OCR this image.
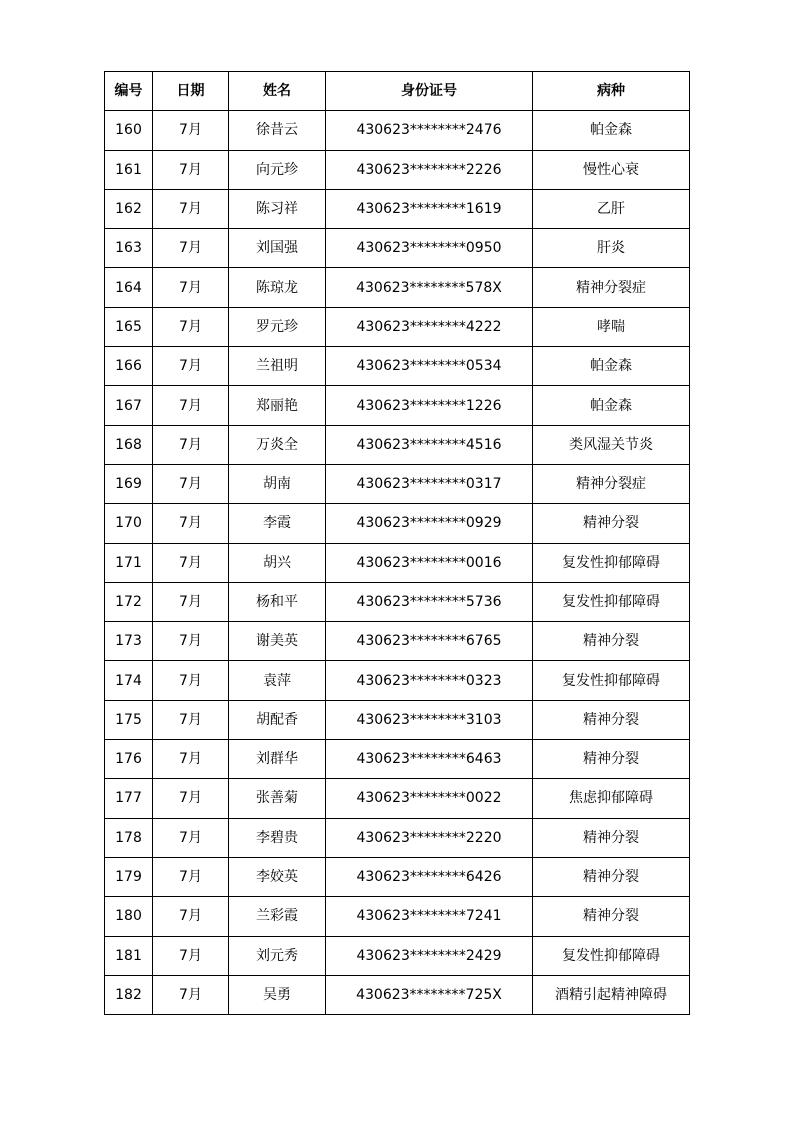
编号	日期	姓名	身份证号	病种
160	7月	徐昔云	430623********2476	帕金森
161	7月	向元珍	430623********2226	慢性心衰
162	7月	陈习祥	430623********1619	乙肝
163	7月	刘国强	430623********0950	肝炎
164	7月	陈琼龙	430623********578X	精神分裂症
165	7月	罗元珍	430623********4222	哮喘
166	7月	兰祖明	430623********0534	帕金森
167	7月	郑丽艳	430623********1226	帕金森
168	7月	万炎全	430623********4516	类风湿关节炎
169	7月	胡南	430623********0317	精神分裂症
170	7月	李霞	430623********0929	精神分裂
171	7月	胡兴	430623********0016	复发性抑郁障碍
172	7月	杨和平	430623********5736	复发性抑郁障碍
173	7月	谢美英	430623********6765	精神分裂
174	7月	袁萍	430623********0323	复发性抑郁障碍
175	7月	胡配香	430623********3103	精神分裂
176	7月	刘群华	430623********6463	精神分裂
177	7月	张善菊	430623********0022	焦虑抑郁障碍
178	7月	李碧贵	430623********2220	精神分裂
179	7月	李姣英	430623********6426	精神分裂
180	7月	兰彩霞	430623********7241	精神分裂
181	7月	刘元秀	430623********2429	复发性抑郁障碍
182	7月	吴勇	430623********725X	酒精引起精神障碍
